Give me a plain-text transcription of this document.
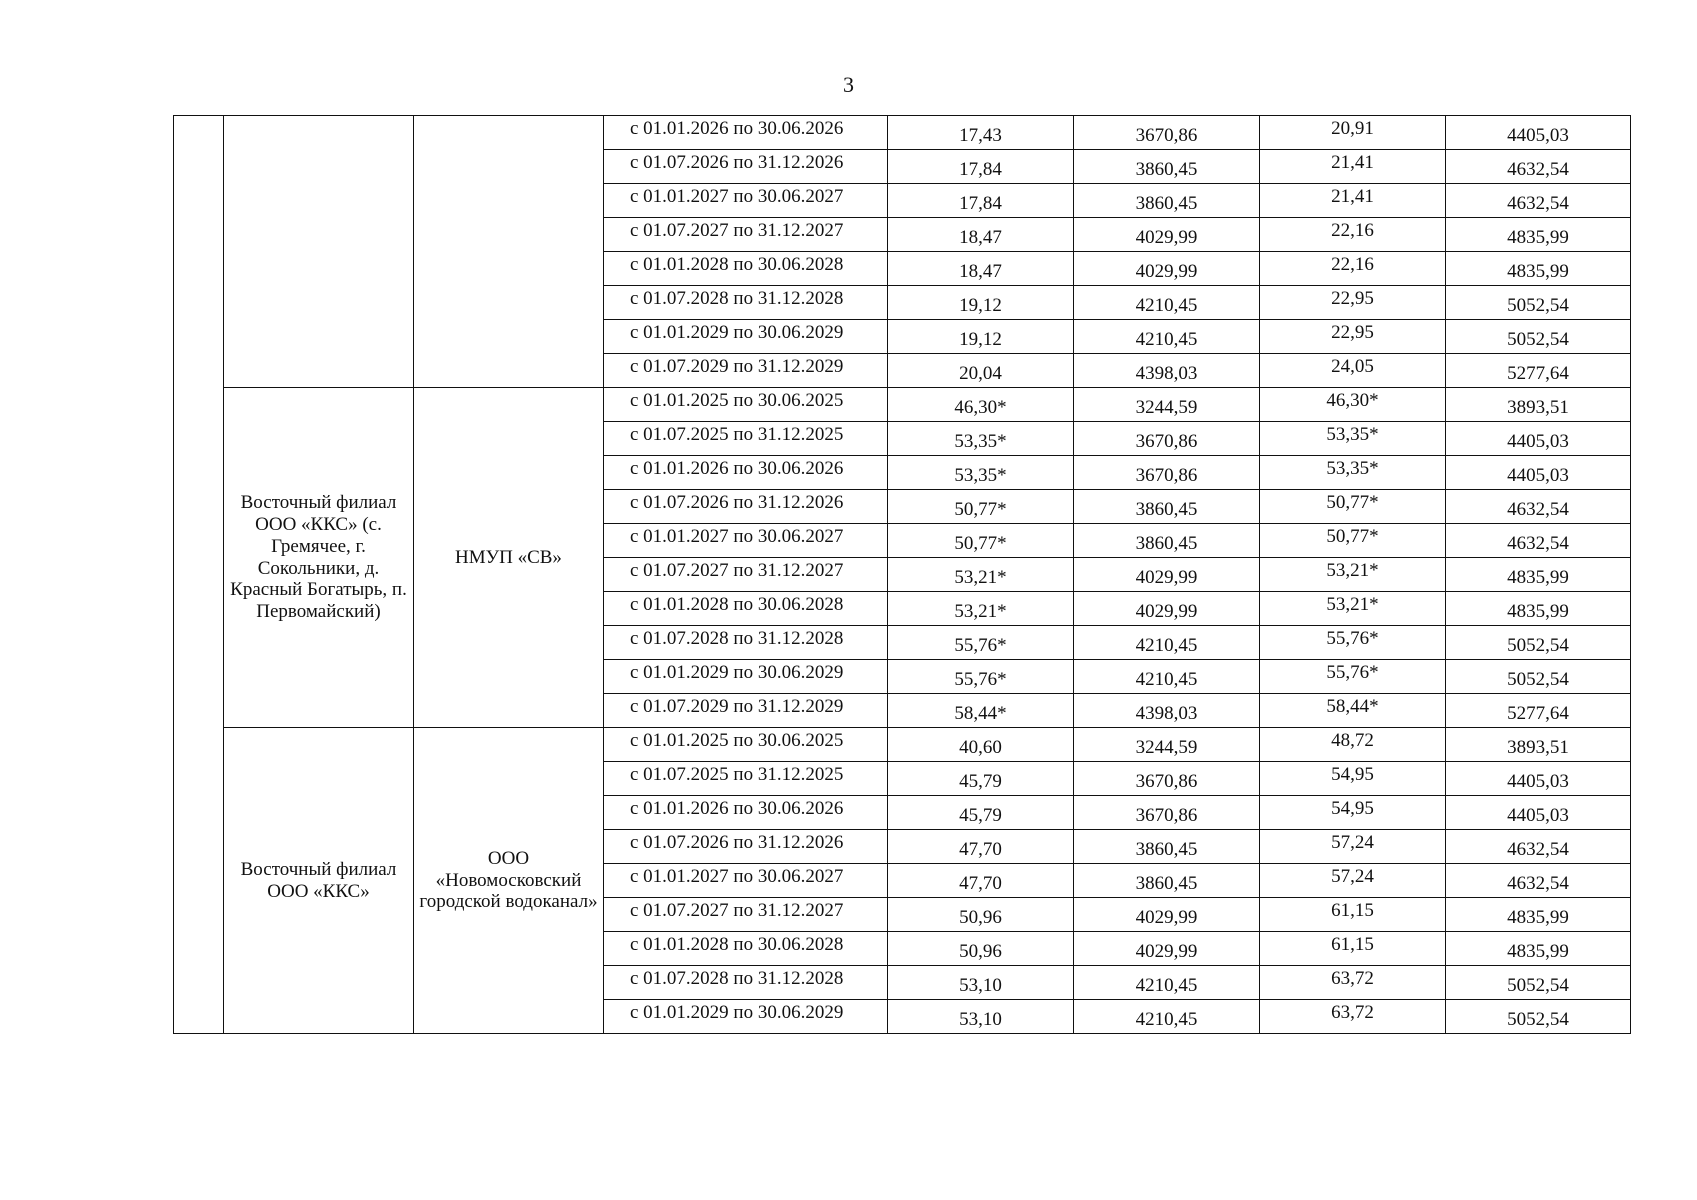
3
			с 01.01.2026 по 30.06.2026	17,43	3670,86	20,91	4405,03
			с 01.07.2026 по 31.12.2026	17,84	3860,45	21,41	4632,54
			с 01.01.2027 по 30.06.2027	17,84	3860,45	21,41	4632,54
			с 01.07.2027 по 31.12.2027	18,47	4029,99	22,16	4835,99
			с 01.01.2028 по 30.06.2028	18,47	4029,99	22,16	4835,99
			с 01.07.2028 по 31.12.2028	19,12	4210,45	22,95	5052,54
			с 01.01.2029 по 30.06.2029	19,12	4210,45	22,95	5052,54
			с 01.07.2029 по 31.12.2029	20,04	4398,03	24,05	5277,64
	Восточный филиал ООО «ККС» (с. Гремячее, г. Сокольники, д. Красный Богатырь, п. Первомайский)	НМУП «СВ»	с 01.01.2025 по 30.06.2025	46,30*	3244,59	46,30*	3893,51
			с 01.07.2025 по 31.12.2025	53,35*	3670,86	53,35*	4405,03
			с 01.01.2026 по 30.06.2026	53,35*	3670,86	53,35*	4405,03
			с 01.07.2026 по 31.12.2026	50,77*	3860,45	50,77*	4632,54
			с 01.01.2027 по 30.06.2027	50,77*	3860,45	50,77*	4632,54
			с 01.07.2027 по 31.12.2027	53,21*	4029,99	53,21*	4835,99
			с 01.01.2028 по 30.06.2028	53,21*	4029,99	53,21*	4835,99
			с 01.07.2028 по 31.12.2028	55,76*	4210,45	55,76*	5052,54
			с 01.01.2029 по 30.06.2029	55,76*	4210,45	55,76*	5052,54
			с 01.07.2029 по 31.12.2029	58,44*	4398,03	58,44*	5277,64
	Восточный филиал ООО «ККС»	ООО «Новомосковский городской водоканал»	с 01.01.2025 по 30.06.2025	40,60	3244,59	48,72	3893,51
			с 01.07.2025 по 31.12.2025	45,79	3670,86	54,95	4405,03
			с 01.01.2026 по 30.06.2026	45,79	3670,86	54,95	4405,03
			с 01.07.2026 по 31.12.2026	47,70	3860,45	57,24	4632,54
			с 01.01.2027 по 30.06.2027	47,70	3860,45	57,24	4632,54
			с 01.07.2027 по 31.12.2027	50,96	4029,99	61,15	4835,99
			с 01.01.2028 по 30.06.2028	50,96	4029,99	61,15	4835,99
			с 01.07.2028 по 31.12.2028	53,10	4210,45	63,72	5052,54
			с 01.01.2029 по 30.06.2029	53,10	4210,45	63,72	5052,54
